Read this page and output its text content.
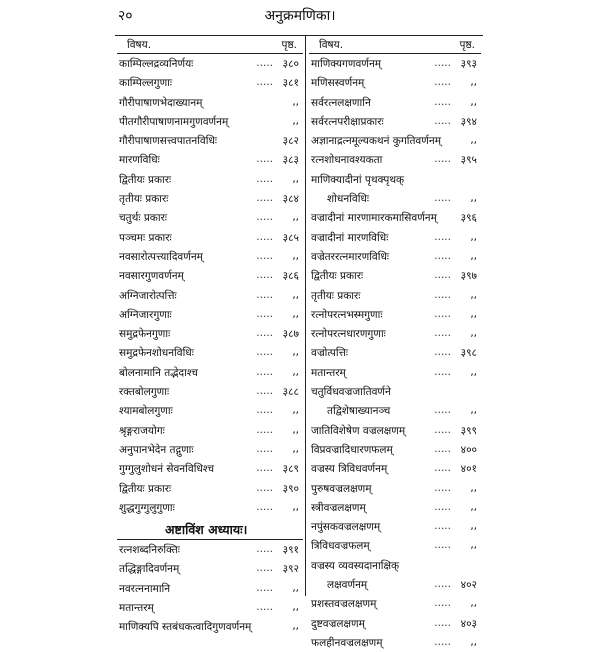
२०	अनुक्रमणिका।
विषय.	पृष्ठ.
काम्पिल्लद्रव्यनिर्णयः	..... ३८०
काम्पिल्लगुणाः	..... ३८१
गौरीपाषाणभेदाख्यानम्	,,
पीतगौरीपाषाणनामगुणवर्णनम्	,,
गौरीपाषाणसत्त्वपातनविधिः	३८२
मारणविधिः	..... ३८३
द्वितीयः प्रकारः	..... ,,
तृतीयः प्रकारः	..... ३८४
चतुर्थः प्रकारः	..... ,,
पञ्चमः प्रकारः	..... ३८५
नवसारोत्पत्त्यादिवर्णनम्	..... ,,
नवसारगुणवर्णनम्	..... ३८६
अग्निजारोत्पत्तिः	..... ,,
अग्निजारगुणाः	..... ,,
समुद्रफेनगुणाः	..... ३८७
समुद्रफेनशोधनविधिः	..... ,,
बोलनामानि तद्भेदाश्च	..... ,,
रक्तबोलगुणाः	..... ३८८
श्यामबोलगुणाः	..... ,,
श्रृङ्गराजयोगः	..... ,,
अनुपानभेदेन तद्गुणाः	..... ,,
गुग्गुलुशोधनं सेवनविधिश्च	..... ३८९
द्वितीयः प्रकारः	..... ३९०
शुद्धगुग्गुलुगुणाः	..... ,,
अष्टाविंश अध्यायः।
रत्नशब्दनिरुक्तिः	..... ३९१
तद्धिङ्गादिवर्णनम्	..... ३९२
नवरत्ननामानि	..... ,,
मतान्तरम्	..... ,,
माणिक्यपि स्तबंधकत्वादिगुणवर्णनम्	,,
विषय.	पृष्ठ.
माणिक्यगणवर्णनम्	..... ३९३
मणिसस्वर्णनम्	..... ,,
सर्वरत्नलक्षणानि	..... ,,
सर्वरत्नपरीक्षाप्रकारः	..... ३९४
अज्ञानाद्रत्नमूल्यकथनं कुगतिवर्णनम्	,,
रत्नशोधनावश्यकता	..... ३९५
माणिक्यादीनां पृथक्पृथक्
शोधनविधिः	..... ,,
वज्रादीनां मारणामारकमासिवर्णनम् ३९६
वज्रादीनां मारणविधिः	..... ,,
वज्रेतररत्नमारणविधिः	..... ,,
द्वितीयः प्रकारः	..... ३९७
तृतीयः प्रकारः	..... ,,
रत्नोपरत्नभस्मगुणाः	..... ,,
रत्नोपरत्नधारणगुणाः	..... ,,
वज्रोत्पत्तिः	..... ३९८
मतान्तरम्	..... ,,
चतुर्विधवज्रजातिवर्णने
तद्विशेषाख्यानञ्च	..... ,,
जातिविशेषेण वज्रलक्षणम्	..... ३९९
विप्रवज्रादिधारणफलम्	..... ४००
वज्रस्य त्रिविधवर्णनम्	..... ४०१
पुरुषवज्रलक्षणम्	..... ,,
स्त्रीवज्रलक्षणम्	..... ,,
नपुंसकवज्रलक्षणम्	..... ,,
त्रिविधवज्रफलम्	..... ,,
वज्रस्य व्यवस्यदानाक्षिक्
लक्षवर्णनम्	..... ४०२
प्रशस्तवज्रलक्षणम्	..... ,,
दुष्टवज्रलक्षणम्	..... ४०३
फलहीनवज्रलक्षणम्	..... ,,
